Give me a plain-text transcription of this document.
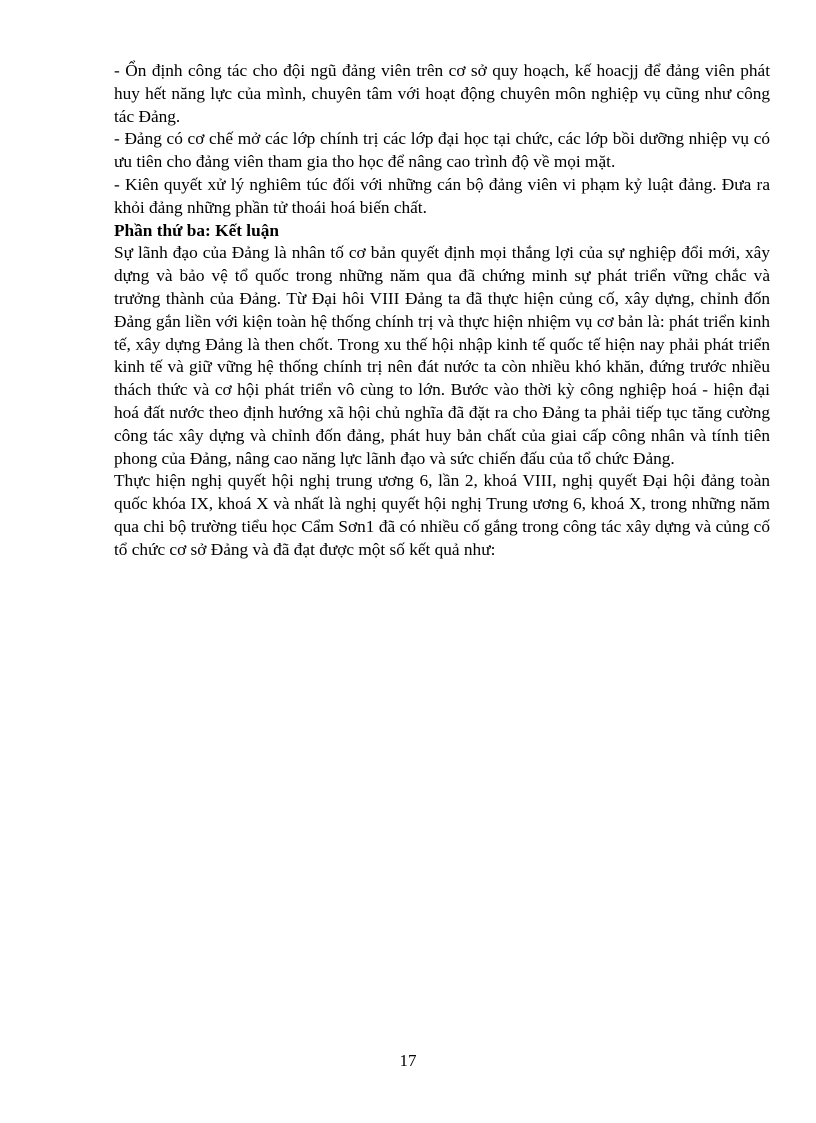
- Ổn định công tác cho đội ngũ đảng viên trên cơ sở quy hoạch, kế hoacjj để đảng viên phát huy hết năng lực của mình, chuyên tâm với hoạt động chuyên môn nghiệp vụ cũng như công tác Đảng.

- Đảng có cơ chế mở các lớp chính trị các lớp đại học tại chức, các lớp bồi dưỡng nhiệp vụ có ưu tiên cho đảng viên tham gia tho học để nâng cao trình độ về mọi mặt.

- Kiên quyết xử lý nghiêm túc đối với những cán bộ đảng viên vi phạm kỷ luật đảng. Đưa ra khỏi đảng những phần tử thoái hoá biến chất.

Phần thứ ba: Kết luận

Sự lãnh đạo của Đảng là nhân tố cơ bản quyết định mọi thắng lợi của sự nghiệp đổi mới, xây dựng và bảo vệ tổ quốc trong những năm qua đã chứng minh sự phát triển vững chắc và trưởng thành của Đảng. Từ Đại hôi VIII Đảng ta đã thực hiện củng cố, xây dựng, chỉnh đốn Đảng gắn liền với kiện toàn hệ thống chính trị và thực hiện nhiệm vụ cơ bản là: phát triển kinh tế, xây dựng Đảng là then chốt. Trong xu thế hội nhập kinh tế quốc tế hiện nay phải phát triển kinh tế và giữ vững hệ thống chính trị nên đát nước ta còn nhiều khó khăn, đứng trước nhiều thách thức và cơ hội phát triển vô cùng to lớn. Bước vào thời kỳ công nghiệp hoá - hiện đại hoá đất nước theo định hướng xã hội chủ nghĩa đã đặt ra cho Đảng ta phải tiếp tục tăng cường công tác xây dựng và chỉnh đốn đảng, phát huy bản chất của giai cấp công nhân và tính tiên phong của Đảng, nâng cao năng lực lãnh đạo và sức chiến đấu của tổ chức Đảng.

Thực hiện nghị quyết hội nghị trung ương 6, lần 2, khoá VIII, nghị quyết Đại hội đảng toàn quốc khóa IX, khoá X và nhất là nghị quyết hội nghị Trung ương 6, khoá X, trong những năm qua chi bộ trường tiểu học Cẩm Sơn1 đã có nhiều cố gắng trong công tác xây dựng và củng cố tổ chức cơ sở Đảng và đã đạt được một số kết quả như:

17
